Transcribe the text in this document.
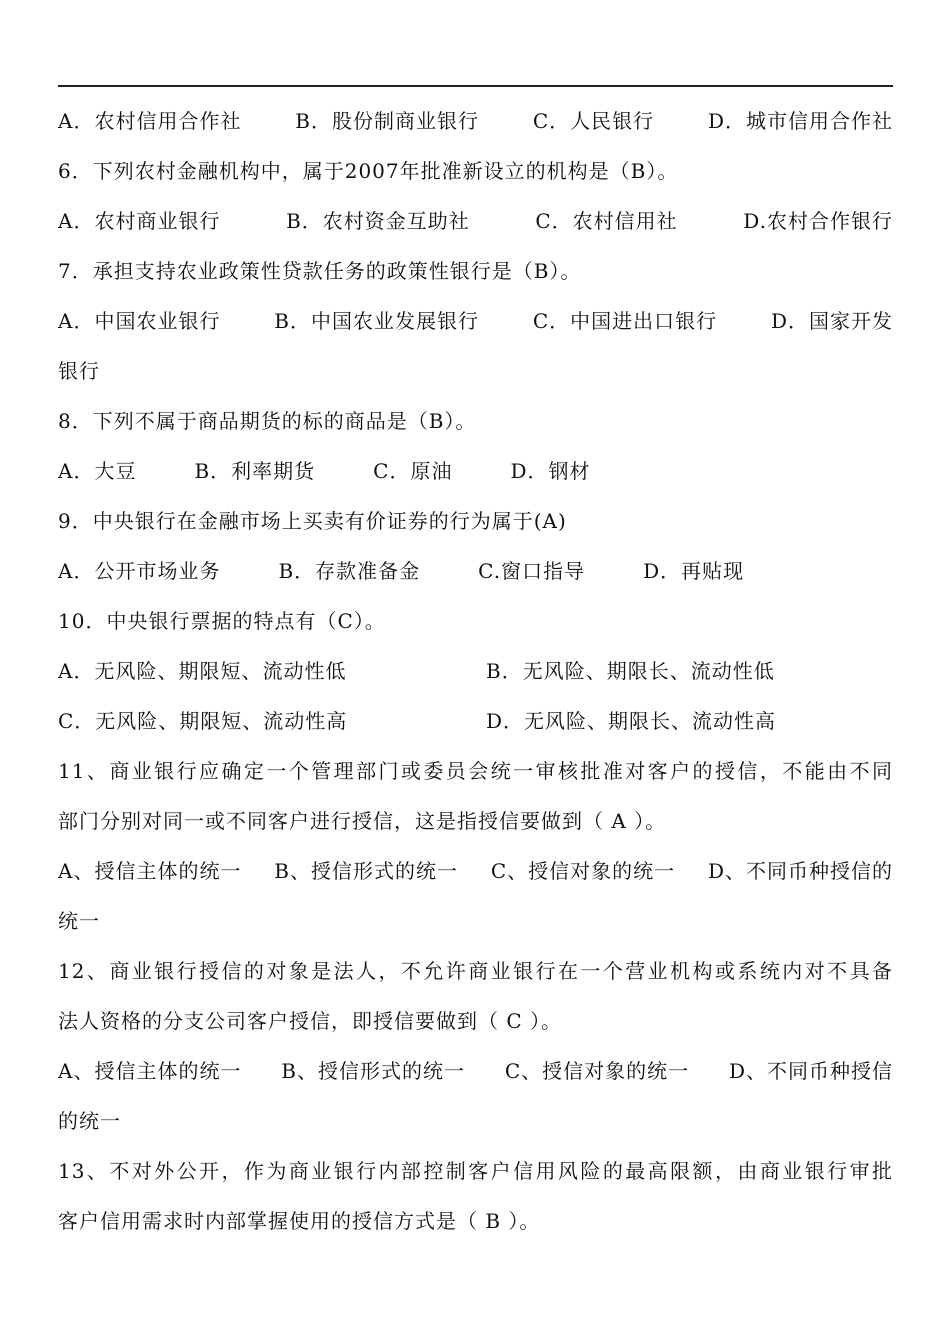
A．农村信用合作社	B．股份制商业银行	C．人民银行	D．城市信用合作社
6．下列农村金融机构中，属于2007年批准新设立的机构是（B）。
A．农村商业银行	B．农村资金互助社	C．农村信用社	D.农村合作银行
7．承担支持农业政策性贷款任务的政策性银行是（B）。
A．中国农业银行	B．中国农业发展银行	C．中国进出口银行	D．国家开发
银行
8．下列不属于商品期货的标的商品是（B）。
A．大豆	B．利率期货	C．原油	D．钢材
9．中央银行在金融市场上买卖有价证券的行为属于(A)
A．公开市场业务	B．存款准备金	C.窗口指导	D．再贴现
10．中央银行票据的特点有（C）。
A．无风险、期限短、流动性低	B．无风险、期限长、流动性低
C．无风险、期限短、流动性高	D．无风险、期限长、流动性高
11、商业银行应确定一个管理部门或委员会统一审核批准对客户的授信，不能由不同
部门分别对同一或不同客户进行授信，这是指授信要做到（ A ）。
A、授信主体的统一 B、授信形式的统一 C、授信对象的统一 D、不同币种授信的
统一
12、商业银行授信的对象是法人，不允许商业银行在一个营业机构或系统内对不具备
法人资格的分支公司客户授信，即授信要做到（ C ）。
A、授信主体的统一 B、授信形式的统一 C、授信对象的统一 D、不同币种授信
的统一
13、不对外公开，作为商业银行内部控制客户信用风险的最高限额，由商业银行审批
客户信用需求时内部掌握使用的授信方式是（ B ）。
